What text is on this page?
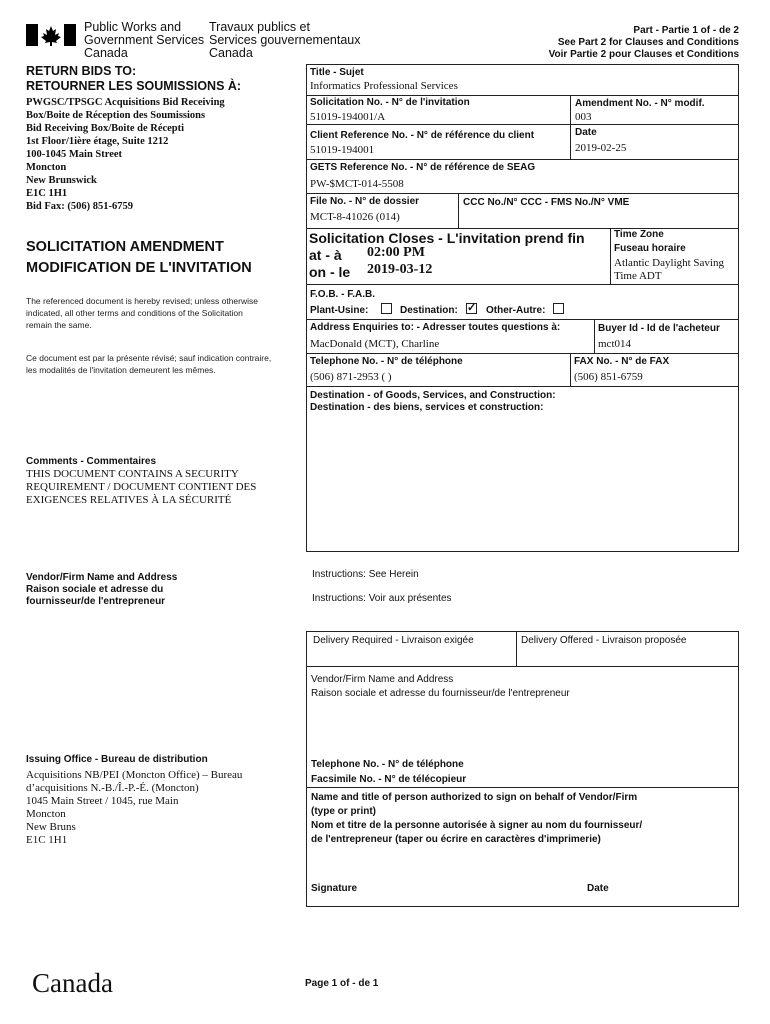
Public Works and
Government Services
Canada
Travaux publics et
Services gouvernementaux
Canada
Part - Partie 1 of - de 2
See Part 2 for Clauses and Conditions
Voir Partie 2 pour Clauses et Conditions
RETURN BIDS TO:
RETOURNER LES SOUMISSIONS À:
PWGSC/TPSGC Acquisitions Bid Receiving
Box/Boite de Réception des Soumissions
Bid Receiving Box/Boite de Récepti
1st Floor/1ière étage, Suite 1212
100-1045 Main Street
Moncton
New Brunswick
E1C 1H1
Bid Fax: (506) 851-6759
SOLICITATION AMENDMENT
MODIFICATION DE L'INVITATION
The referenced document is hereby revised; unless otherwise
indicated, all other terms and conditions of the Solicitation
remain the same.
Ce document est par la présente révisé; sauf indication contraire,
les modalités de l'invitation demeurent les mêmes.
Comments - Commentaires
THIS DOCUMENT CONTAINS A SECURITY
REQUIREMENT / DOCUMENT CONTIENT DES
EXIGENCES RELATIVES À LA SÉCURITÉ
Vendor/Firm Name and Address
Raison sociale et adresse du
fournisseur/de l'entrepreneur
Issuing Office - Bureau de distribution
Acquisitions NB/PEI (Moncton Office) – Bureau
d’acquisitions N.-B./Î.-P.-É. (Moncton)
1045 Main Street / 1045, rue Main
Moncton
New Bruns
E1C 1H1
Title - Sujet
Informatics Professional Services
Solicitation No. - N° de l'invitation
51019-194001/A
Amendment No. - N° modif.
003
Client Reference No. - N° de référence du client
51019-194001
Date
2019-02-25
GETS Reference No. - N° de référence de SEAG
PW-$MCT-014-5508
File No. - N° de dossier
MCT-8-41026 (014)
CCC No./N° CCC - FMS No./N° VME
Solicitation Closes - L'invitation prend fin
at - à 02:00 PM
on - le 2019-03-12
Time Zone
Fuseau horaire
Atlantic Daylight Saving
Time ADT
F.O.B. - F.A.B.
Plant-Usine:	Destination: ✓ Other-Autre:
Address Enquiries to: - Adresser toutes questions à:
MacDonald (MCT), Charline
Buyer Id - Id de l'acheteur
mct014
Telephone No. - N° de téléphone
(506) 871-2953 ( )
FAX No. - N° de FAX
(506) 851-6759
Destination - of Goods, Services, and Construction:
Destination - des biens, services et construction:
Instructions: See Herein
Instructions: Voir aux présentes
Delivery Required - Livraison exigée	Delivery Offered - Livraison proposée
Vendor/Firm Name and Address
Raison sociale et adresse du fournisseur/de l'entrepreneur
Telephone No. - N° de téléphone
Facsimile No. - N° de télécopieur
Name and title of person authorized to sign on behalf of Vendor/Firm
(type or print)
Nom et titre de la personne autorisée à signer au nom du fournisseur/
de l'entrepreneur (taper ou écrire en caractères d'imprimerie)
Signature	Date
Canada	Page 1 of - de 1
